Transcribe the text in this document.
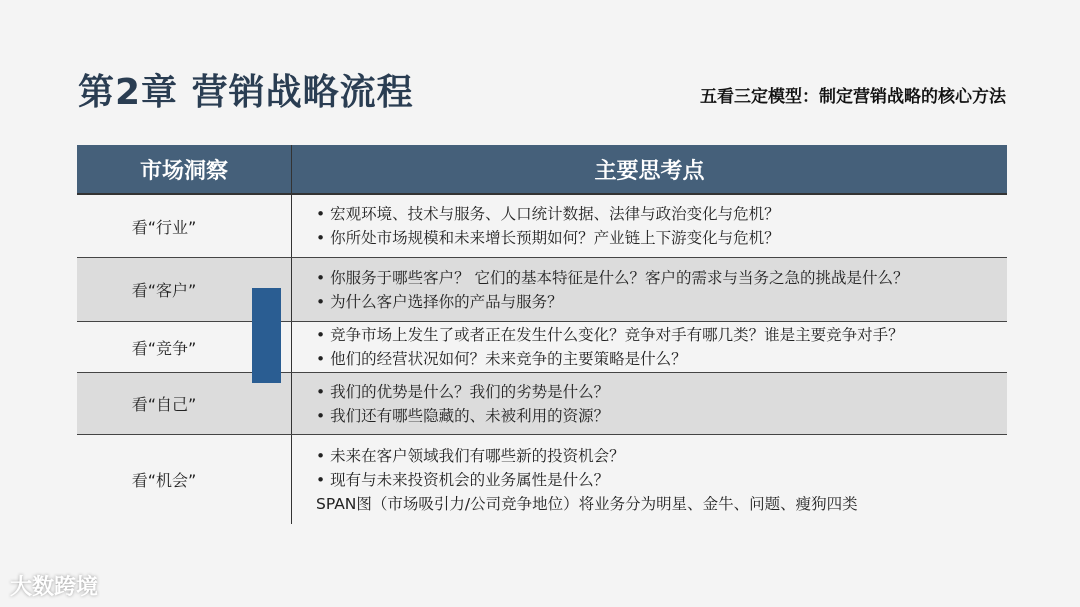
第2章 营销战略流程	五看三定模型：制定营销战略的核心方法
市场洞察	主要思考点
看“行业”
• 宏观环境、技术与服务、人口统计数据、法律与政治变化与危机？
• 你所处市场规模和未来增长预期如何？产业链上下游变化与危机？
看“客户”
• 你服务于哪些客户？ 它们的基本特征是什么？客户的需求与当务之急的挑战是什么？
• 为什么客户选择你的产品与服务？
看“竞争”
• 竞争市场上发生了或者正在发生什么变化？竞争对手有哪几类？谁是主要竞争对手？
• 他们的经营状况如何？未来竞争的主要策略是什么？
看“自己”
• 我们的优势是什么？我们的劣势是什么？
• 我们还有哪些隐藏的、未被利用的资源？
看“机会”
• 未来在客户领域我们有哪些新的投资机会？
• 现有与未来投资机会的业务属性是什么？
SPAN图（市场吸引力/公司竞争地位）将业务分为明星、金牛、问题、瘦狗四类
大数跨境
